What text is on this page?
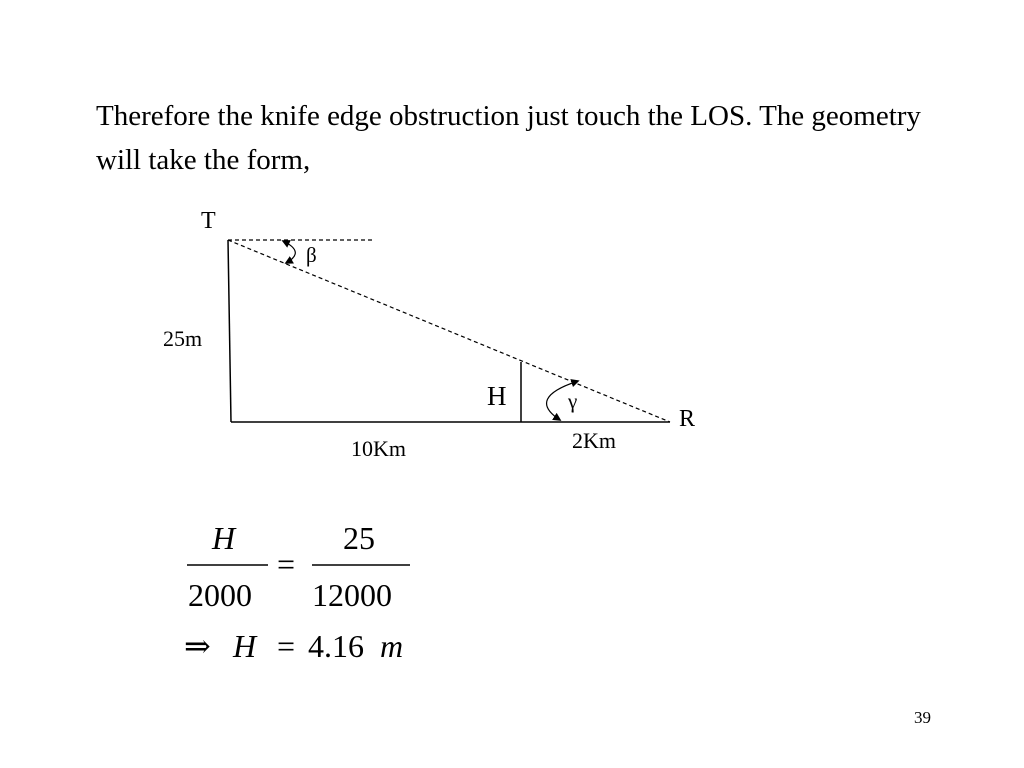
Therefore the knife edge obstruction just touch the LOS. The geometry will take the form,

T
R
H
25m
10Km	2Km
β
γ
H
2000
=
25
12000
⇒ H = 4.16 m
39
